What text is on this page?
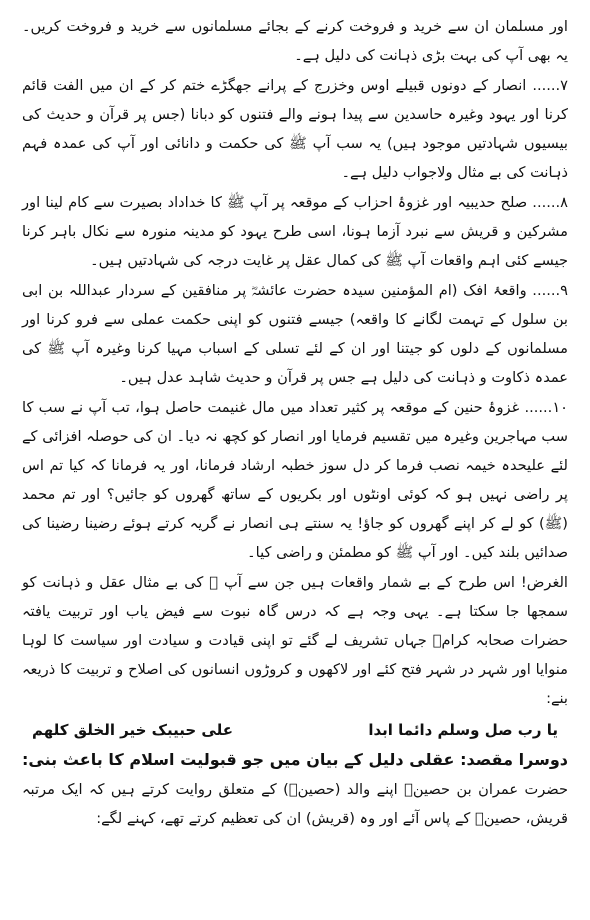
اور مسلمان ان سے خرید و فروخت کرنے کے بجائے مسلمانوں سے خرید و فروخت کریں۔ یہ بھی آپ کی بہت بڑی ذہانت کی دلیل ہے۔

۷...... انصار کے دونوں قبیلے اوس وخزرج کے پرانے جھگڑے ختم کر کے ان میں الفت قائم کرنا اور یہود وغیرہ حاسدین سے پیدا ہونے والے فتنوں کو دبانا (جس پر قرآن و حدیث کی بیسیوں شہادتیں موجود ہیں) یہ سب آپ ﷺ کی حکمت و دانائی اور آپ کی عمدہ فہم ذہانت کی بے مثال ولاجواب دلیل ہے۔

۸...... صلح حدیبیہ اور غزوۂ احزاب کے موقعہ پر آپ ﷺ کا خداداد بصیرت سے کام لینا اور مشرکین و قریش سے نبرد آزما ہونا، اسی طرح یہود کو مدینہ منورہ سے نکال باہر کرنا جیسے کئی اہم واقعات آپ ﷺ کی کمال عقل پر غایت درجہ کی شہادتیں ہیں۔

۹...... واقعۂ افک (ام المؤمنین سیدہ حضرت عائشہؓ پر منافقین کے سردار عبداللہ بن ابی بن سلول کے تہمت لگانے کا واقعہ) جیسے فتنوں کو اپنی حکمت عملی سے فرو کرنا اور مسلمانوں کے دلوں کو جیتنا اور ان کے لئے تسلی کے اسباب مہیا کرنا وغیرہ آپ ﷺ کی عمدہ ذکاوت و ذہانت کی دلیل ہے جس پر قرآن و حدیث شاہد عدل ہیں۔

۱۰...... غزوۂ حنین کے موقعہ پر کثیر تعداد میں مال غنیمت حاصل ہوا، تب آپ نے سب کا سب مہاجرین وغیرہ میں تقسیم فرمایا اور انصار کو کچھ نہ دیا۔ ان کی حوصلہ افزائی کے لئے علیحدہ خیمہ نصب فرما کر دل سوز خطبہ ارشاد فرمانا، اور یہ فرمانا کہ کیا تم اس پر راضی نہیں ہو کہ کوئی اونٹوں اور بکریوں کے ساتھ گھروں کو جائیں؟ اور تم محمد (ﷺ) کو لے کر اپنے گھروں کو جاؤ! یہ سنتے ہی انصار نے گریہ کرتے ہوئے رضینا رضینا کی صدائیں بلند کیں۔ اور آپ ﷺ کو مطمئن و راضی کیا۔

الغرض! اس طرح کے بے شمار واقعات ہیں جن سے آپ ﷺ کی بے مثال عقل و ذہانت کو سمجھا جا سکتا ہے۔ یہی وجہ ہے کہ درس گاہ نبوت سے فیض یاب اور تربیت یافتہ حضرات صحابہ کرامؓ جہاں تشریف لے گئے تو اپنی قیادت و سیادت اور سیاست کا لوہا منوایا اور شہر در شہر فتح کئے اور لاکھوں و کروڑوں انسانوں کی اصلاح و تربیت کا ذریعہ بنے:

یا رب صل وسلم دائما ابدا
علی حبیبک خیر الخلق کلهم

دوسرا مقصد: عقلی دلیل کے بیان میں جو قبولیت اسلام کا باعث بنی: حضرت عمران بن حصینؓ اپنے والد (حصینؓ) کے متعلق روایت کرتے ہیں کہ ایک مرتبہ قریش، حصینؓ کے پاس آئے اور وہ (قریش) ان کی تعظیم کرتے تھے، کہنے لگے:
